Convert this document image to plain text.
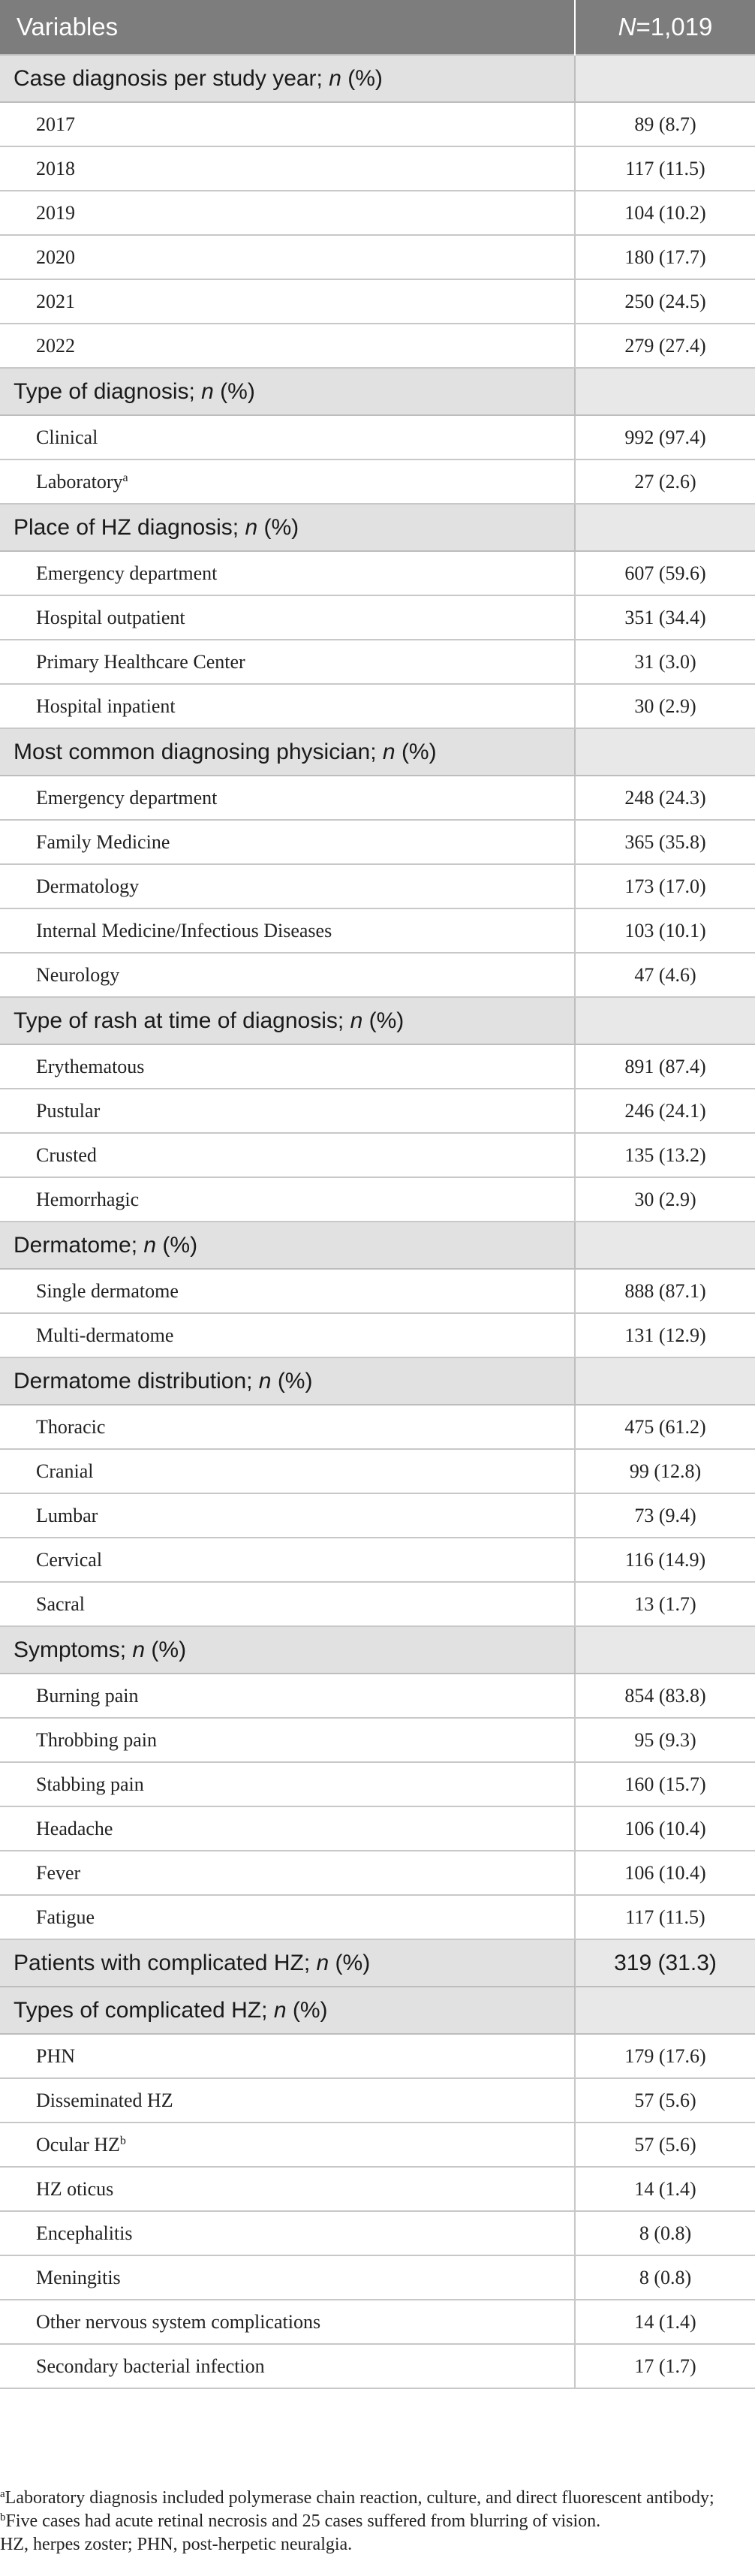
Variables	N=1,019
Case diagnosis per study year; n (%)	
2017	89 (8.7)
2018	117 (11.5)
2019	104 (10.2)
2020	180 (17.7)
2021	250 (24.5)
2022	279 (27.4)
Type of diagnosis; n (%)	
Clinical	992 (97.4)
Laboratory$^a$	27 (2.6)
Place of HZ diagnosis; n (%)	
Emergency department	607 (59.6)
Hospital outpatient	351 (34.4)
Primary Healthcare Center	31 (3.0)
Hospital inpatient	30 (2.9)
Most common diagnosing physician; n (%)	
Emergency department	248 (24.3)
Family Medicine	365 (35.8)
Dermatology	173 (17.0)
Internal Medicine/Infectious Diseases	103 (10.1)
Neurology	47 (4.6)
Type of rash at time of diagnosis; n (%)	
Erythematous	891 (87.4)
Pustular	246 (24.1)
Crusted	135 (13.2)
Hemorrhagic	30 (2.9)
Dermatome; n (%)	
Single dermatome	888 (87.1)
Multi-dermatome	131 (12.9)
Dermatome distribution; n (%)	
Thoracic	475 (61.2)
Cranial	99 (12.8)
Lumbar	73 (9.4)
Cervical	116 (14.9)
Sacral	13 (1.7)
Symptoms; n (%)	
Burning pain	854 (83.8)
Throbbing pain	95 (9.3)
Stabbing pain	160 (15.7)
Headache	106 (10.4)
Fever	106 (10.4)
Fatigue	117 (11.5)
Patients with complicated HZ; n (%)	319 (31.3)
Types of complicated HZ; n (%)	
PHN	179 (17.6)
Disseminated HZ	57 (5.6)
Ocular $HZ^b$	57 (5.6)
HZ oticus	14 (1.4)
Encephalitis	8 (0.8)
Meningitis	8 (0.8)
Other nervous system complications	14 (1.4)
Secondary bacterial infection	17 (1.7)
$^a$Laboratory diagnosis included polymerase chain reaction, culture, and direct fluorescent antibody; $^b$Five cases had acute retinal necrosis and 25 cases suffered from blurring of vision.
HZ, herpes zoster; PHN, post-herpetic neuralgia.
